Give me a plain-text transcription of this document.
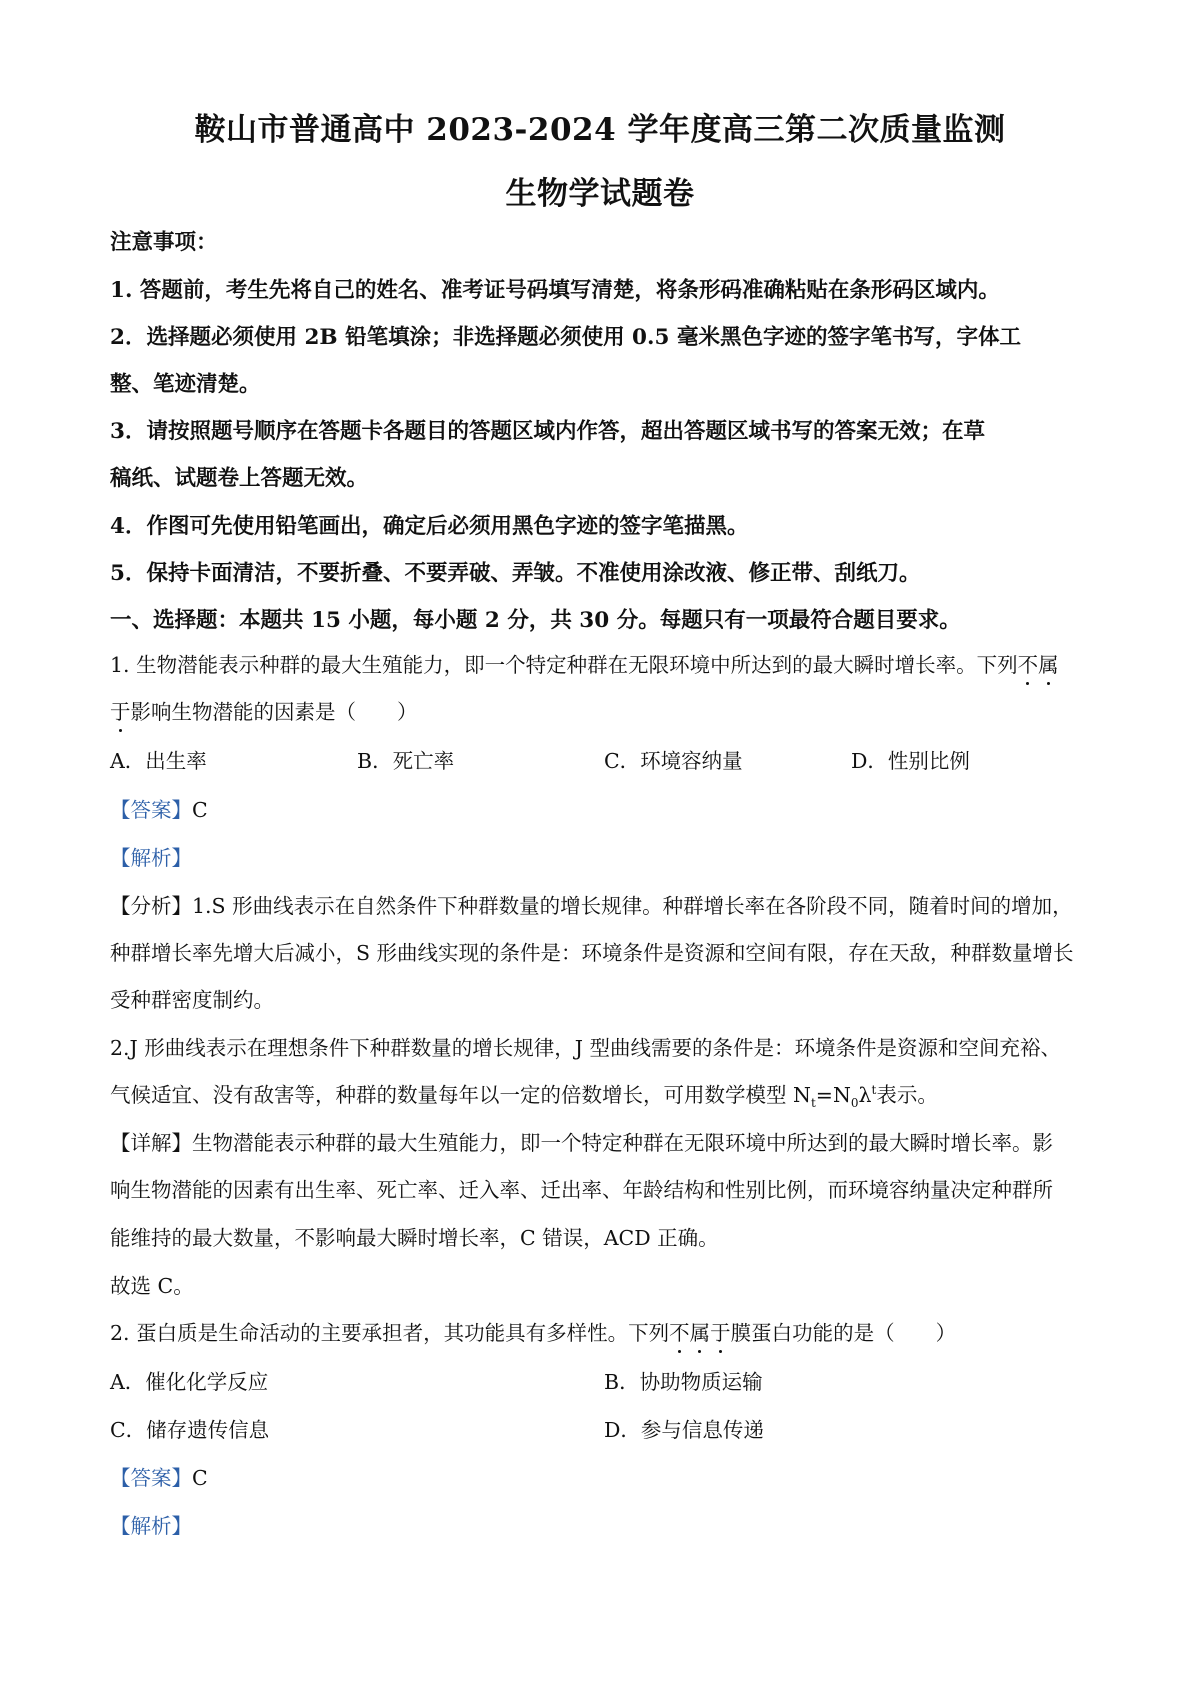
鞍山市普通高中 2023-2024 学年度高三第二次质量监测
生物学试题卷
注意事项：
1. 答题前，考生先将自己的姓名、准考证号码填写清楚，将条形码准确粘贴在条形码区域内。
2．选择题必须使用 2B 铅笔填涂；非选择题必须使用 0.5 毫米黑色字迹的签字笔书写，字体工
整、笔迹清楚。
3．请按照题号顺序在答题卡各题目的答题区域内作答，超出答题区域书写的答案无效；在草
稿纸、试题卷上答题无效。
4．作图可先使用铅笔画出，确定后必须用黑色字迹的签字笔描黑。
5．保持卡面清洁，不要折叠、不要弄破、弄皱。不准使用涂改液、修正带、刮纸刀。
一、选择题：本题共 15 小题，每小题 2 分，共 30 分。每题只有一项最符合题目要求。
1. 生物潜能表示种群的最大生殖能力，即一个特定种群在无限环境中所达到的最大瞬时增长率。下列不属
于影响生物潜能的因素是（　　）
A．出生率	B．死亡率	C．环境容纳量	D．性别比例
【答案】C
【解析】
【分析】1.S 形曲线表示在自然条件下种群数量的增长规律。种群增长率在各阶段不同，随着时间的增加，
种群增长率先增大后减小，S 形曲线实现的条件是：环境条件是资源和空间有限，存在天敌，种群数量增长
受种群密度制约。
2.J 形曲线表示在理想条件下种群数量的增长规律，J 型曲线需要的条件是：环境条件是资源和空间充裕、
气候适宜、没有敌害等，种群的数量每年以一定的倍数增长，可用数学模型 $N_t=N_0\lambda^t$表示。
【详解】生物潜能表示种群的最大生殖能力，即一个特定种群在无限环境中所达到的最大瞬时增长率。影
响生物潜能的因素有出生率、死亡率、迁入率、迁出率、年龄结构和性别比例，而环境容纳量决定种群所
能维持的最大数量，不影响最大瞬时增长率，C 错误，ACD 正确。
故选 C。
2. 蛋白质是生命活动的主要承担者，其功能具有多样性。下列不属于膜蛋白功能的是（　　）
A．催化化学反应	B．协助物质运输
C．储存遗传信息	D．参与信息传递
【答案】C
【解析】
